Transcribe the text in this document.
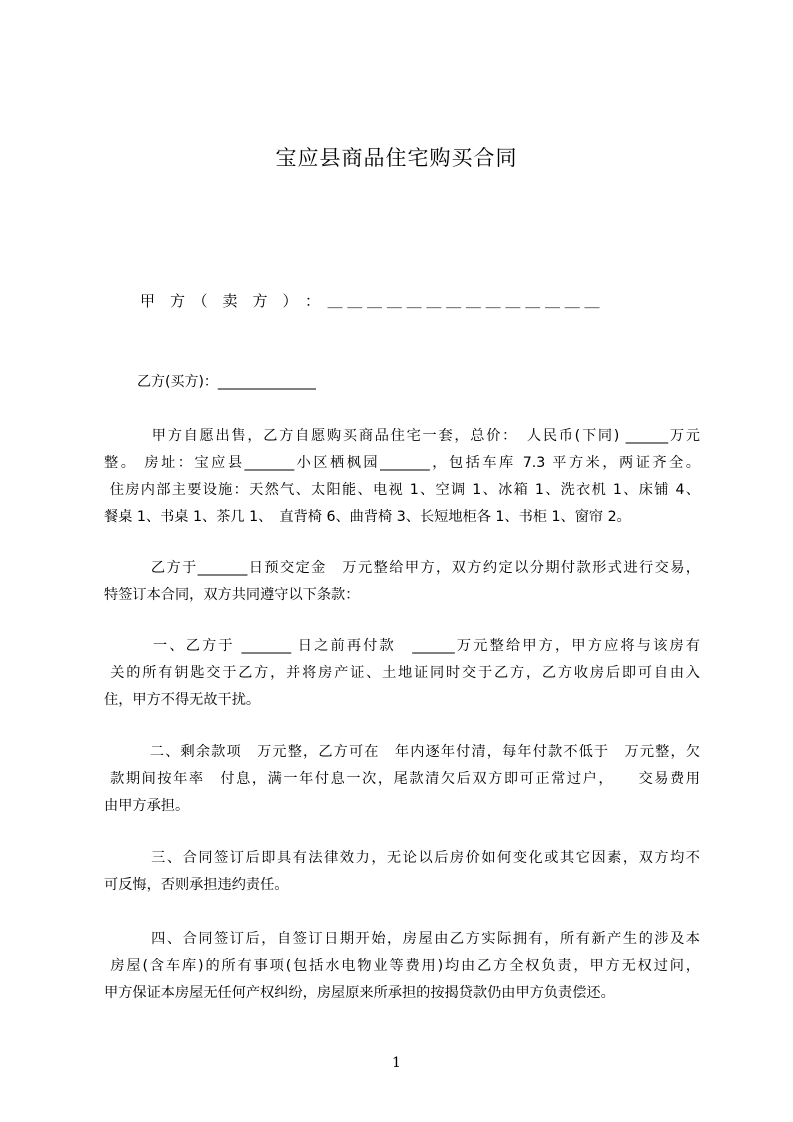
宝应县商品住宅购买合同
甲　方　（　卖　方　）　：　＿ ＿ ＿ ＿ ＿ ＿ ＿ ＿ ＿ ＿ ＿ ＿ ＿ ＿
乙方(买方)：______________
　　　甲方自愿出售，乙方自愿购买商品住宅一套，总价：　人民币(下同) ______万元
整。 房址：宝应县_______小区栖枫园_______，包括车库 7.3 平方米，两证齐全。
住房内部主要设施：天然气、太阳能、电视 1、空调 1、冰箱 1、洗衣机 1、床铺 4、
餐桌 1、书桌 1、茶几 1、　直背椅 6、曲背椅 3、长短地柜各 1、书柜 1、窗帘 2。
　　　乙方于_______日预交定金　万元整给甲方，双方约定以分期付款形式进行交易，
特签订本合同，双方共同遵守以下条款：
　　　一、乙方于 _______ 日之前再付款　______万元整给甲方，甲方应将与该房有
关的所有钥匙交于乙方，并将房产证、土地证同时交于乙方，乙方收房后即可自由入
住，甲方不得无故干扰。
　　　二、剩余款项　万元整，乙方可在　年内逐年付清，每年付款不低于　万元整，欠
款期间按年率　付息，满一年付息一次，尾款清欠后双方即可正常过户，　　交易费用
由甲方承担。
　　　三、合同签订后即具有法律效力，无论以后房价如何变化或其它因素，双方均不
可反悔，否则承担违约责任。
　　　四、合同签订后，自签订日期开始，房屋由乙方实际拥有，所有新产生的涉及本
房屋(含车库)的所有事项(包括水电物业等费用)均由乙方全权负责，甲方无权过问，
甲方保证本房屋无任何产权纠纷，房屋原来所承担的按揭贷款仍由甲方负责偿还。
1
